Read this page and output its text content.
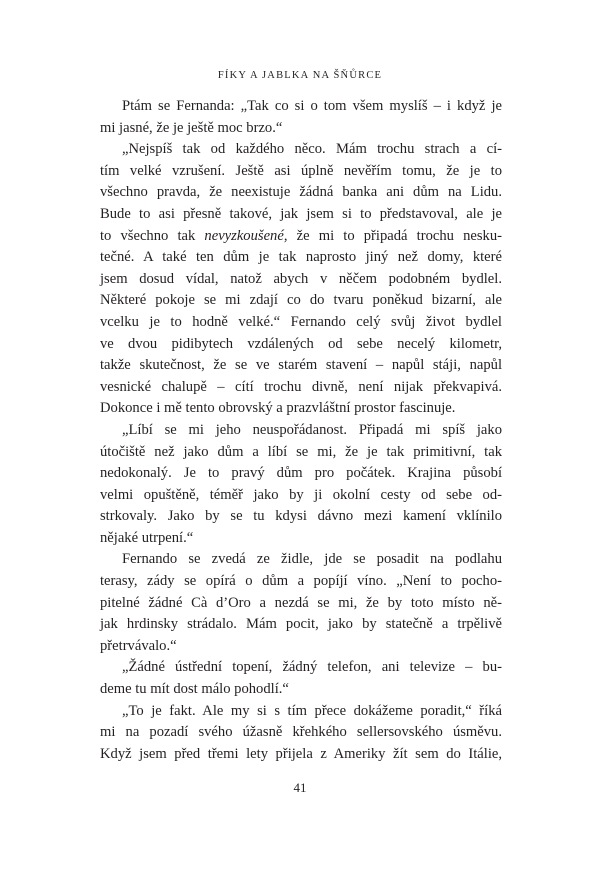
FÍKY A JABLKA NA ŠŇŮRCE
Ptám se Fernanda: „Tak co si o tom všem myslíš – i když je
mi jasné, že je ještě moc brzo.“
„Nejspíš tak od každého něco. Mám trochu strach a cí-
tím velké vzrušení. Ještě asi úplně nevěřím tomu, že je to
všechno pravda, že neexistuje žádná banka ani dům na Lidu.
Bude to asi přesně takové, jak jsem si to představoval, ale je
to všechno tak nevyzkoušené, že mi to připadá trochu nesku-
tečné. A také ten dům je tak naprosto jiný než domy, které
jsem dosud vídal, natož abych v něčem podobném bydlel.
Některé pokoje se mi zdají co do tvaru poněkud bizarní, ale
vcelku je to hodně velké.“ Fernando celý svůj život bydlel
ve dvou pidibytech vzdálených od sebe necelý kilometr,
takže skutečnost, že se ve starém stavení – napůl stáji, napůl
vesnické chalupě – cítí trochu divně, není nijak překvapivá.
Dokonce i mě tento obrovský a prazvláštní prostor fascinuje.
„Líbí se mi jeho neuspořádanost. Připadá mi spíš jako
útočiště než jako dům a líbí se mi, že je tak primitivní, tak
nedokonalý. Je to pravý dům pro počátek. Krajina působí
velmi opuštěně, téměř jako by ji okolní cesty od sebe od-
strkovaly. Jako by se tu kdysi dávno mezi kamení vklínilo
nějaké utrpení.“
Fernando se zvedá ze židle, jde se posadit na podlahu
terasy, zády se opírá o dům a popíjí víno. „Není to pocho-
pitelné žádné Cà d’Oro a nezdá se mi, že by toto místo ně-
jak hrdinsky strádalo. Mám pocit, jako by statečně a trpělivě
přetrvávalo.“
„Žádné ústřední topení, žádný telefon, ani televize – bu-
deme tu mít dost málo pohodlí.“
„To je fakt. Ale my si s tím přece dokážeme poradit,“ říká
mi na pozadí svého úžasně křehkého sellersovského úsměvu.
Když jsem před třemi lety přijela z Ameriky žít sem do Itálie,
41
